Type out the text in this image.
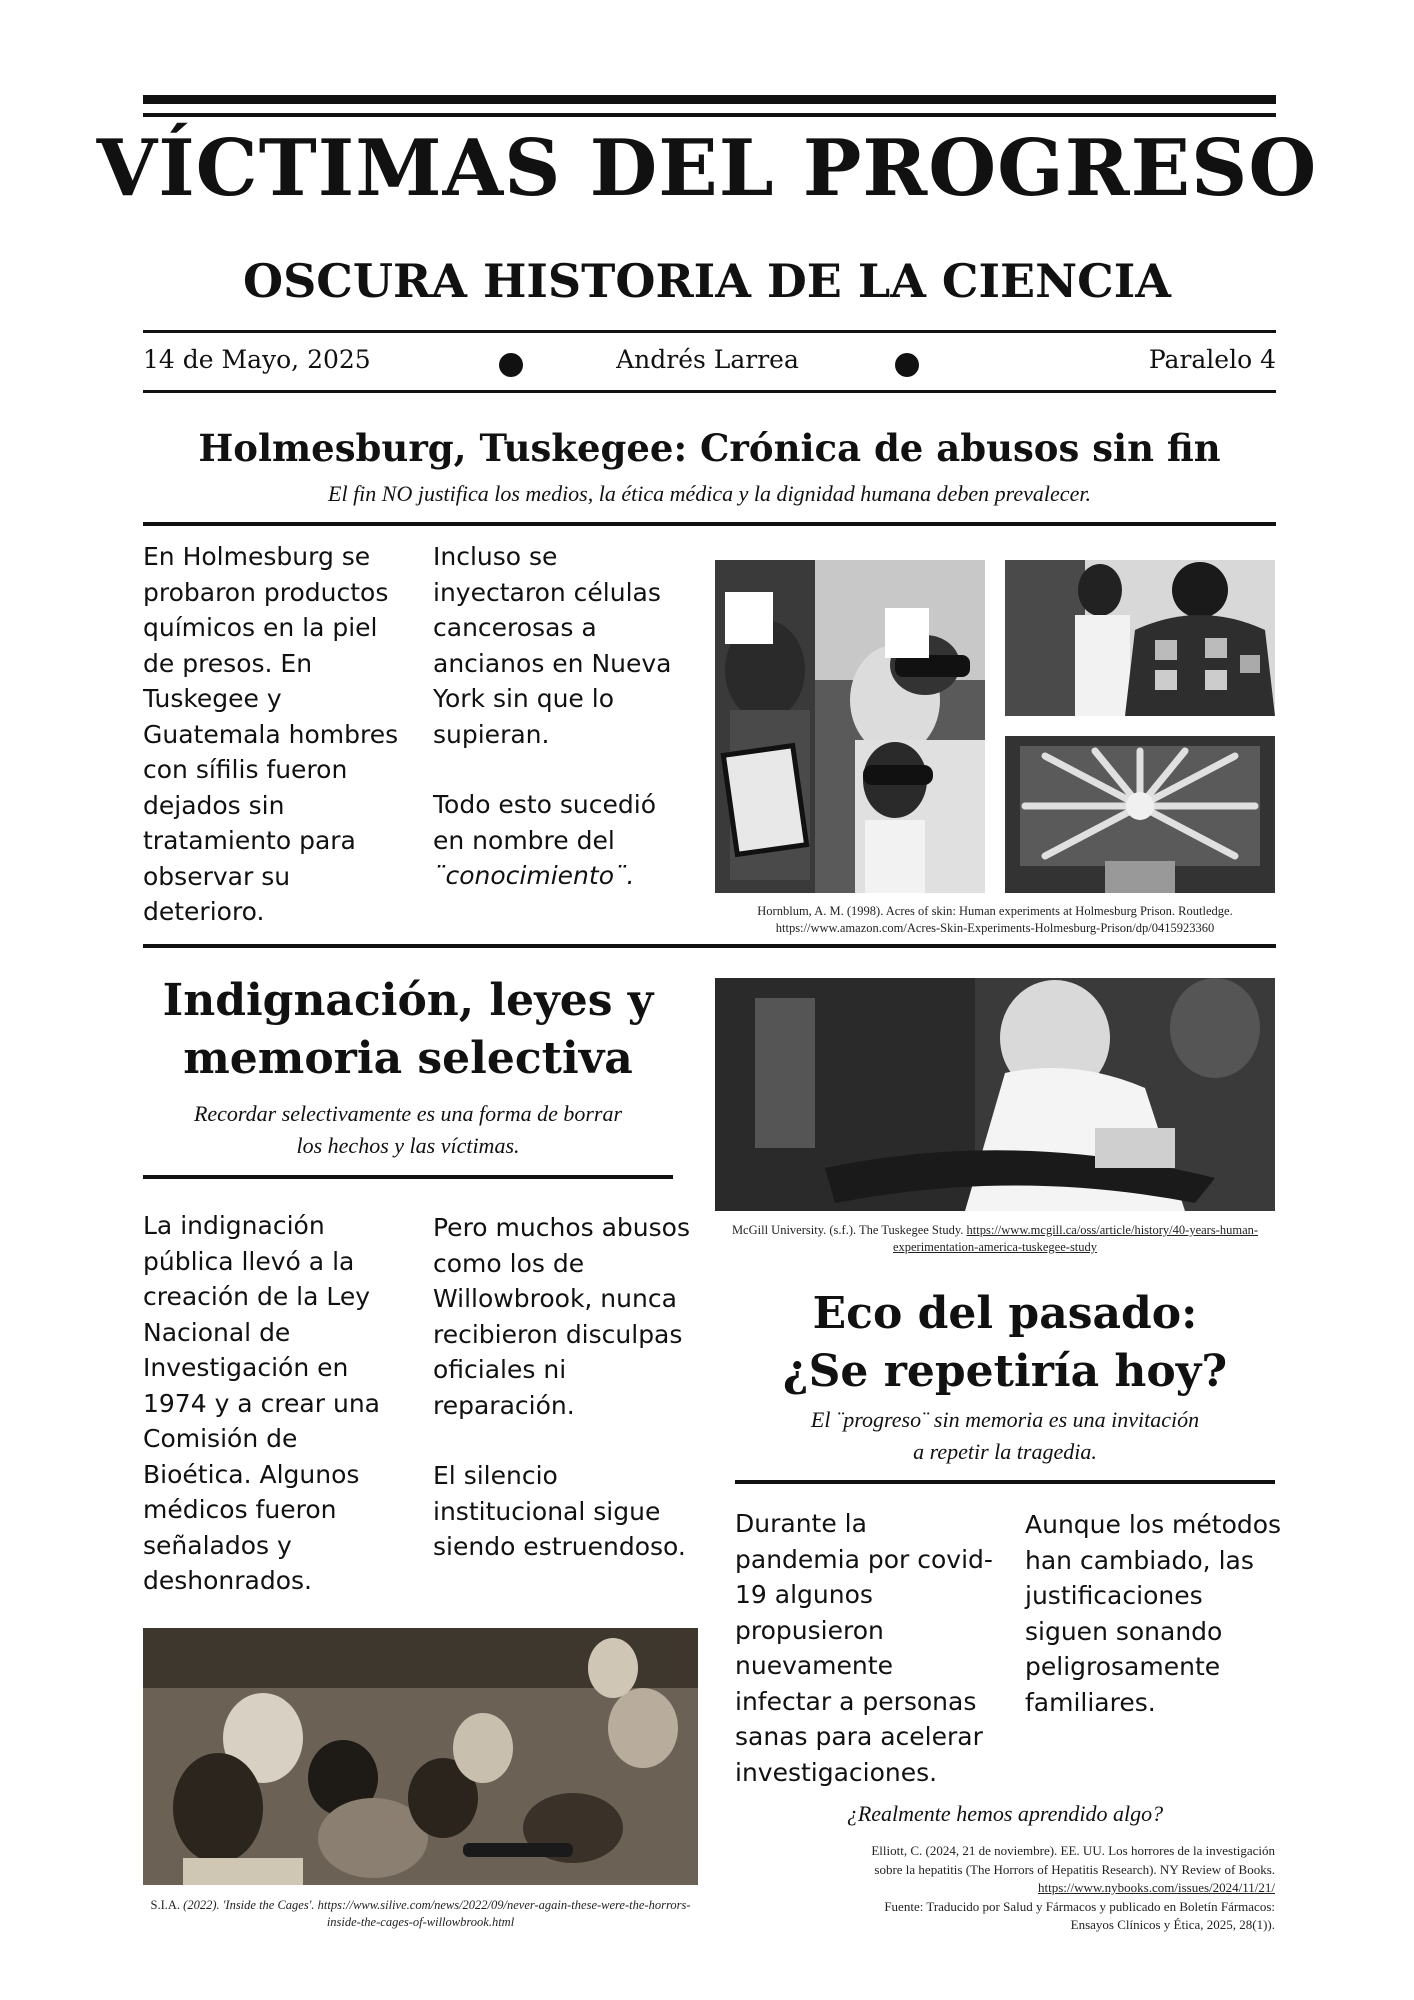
VÍCTIMAS DEL PROGRESO
OSCURA HISTORIA DE LA CIENCIA
14 de Mayo, 2025	Andrés Larrea	Paralelo 4
Holmesburg, Tuskegee: Crónica de abusos sin fin
El fin NO justifica los medios, la ética médica y la dignidad humana deben prevalecer.

En Holmesburg se probaron productos químicos en la piel de presos. En Tuskegee y Guatemala hombres con sífilis fueron dejados sin tratamiento para observar su deterioro.

Incluso se inyectaron células cancerosas a ancianos en Nueva York sin que lo supieran.

Todo esto sucedió en nombre del ¨conocimiento¨.

Hornblum, A. M. (1998). Acres of skin: Human experiments at Holmesburg Prison. Routledge.
https://www.amazon.com/Acres-Skin-Experiments-Holmesburg-Prison/dp/0415923360
Indignación, leyes y
memoria selectiva
Recordar selectivamente es una forma de borrar
los hechos y las víctimas.

La indignación pública llevó a la creación de la Ley Nacional de Investigación en 1974 y a crear una Comisión de Bioética. Algunos médicos fueron señalados y deshonrados.

Pero muchos abusos como los de Willowbrook, nunca recibieron disculpas oficiales ni reparación.

El silencio institucional sigue siendo estruendoso.

S.I.A. (2022). 'Inside the Cages'. https://www.silive.com/news/2022/09/never-again-these-were-the-horrors-inside-the-cages-of-willowbrook.html
McGill University. (s.f.). The Tuskegee Study. https://www.mcgill.ca/oss/article/history/40-years-human-experimentation-america-tuskegee-study
Eco del pasado:
¿Se repetiría hoy?
El ¨progreso¨ sin memoria es una invitación
a repetir la tragedia.

Durante la pandemia por covid-19 algunos propusieron nuevamente infectar a personas sanas para acelerar investigaciones.

Aunque los métodos han cambiado, las justificaciones siguen sonando peligrosamente familiares.

¿Realmente hemos aprendido algo?
Elliott, C. (2024, 21 de noviembre). EE. UU. Los horrores de la investigación
sobre la hepatitis (The Horrors of Hepatitis Research). NY Review of Books.
https://www.nybooks.com/issues/2024/11/21/
Fuente: Traducido por Salud y Fármacos y publicado en Boletín Fármacos:
Ensayos Clínicos y Ética, 2025, 28(1)).
